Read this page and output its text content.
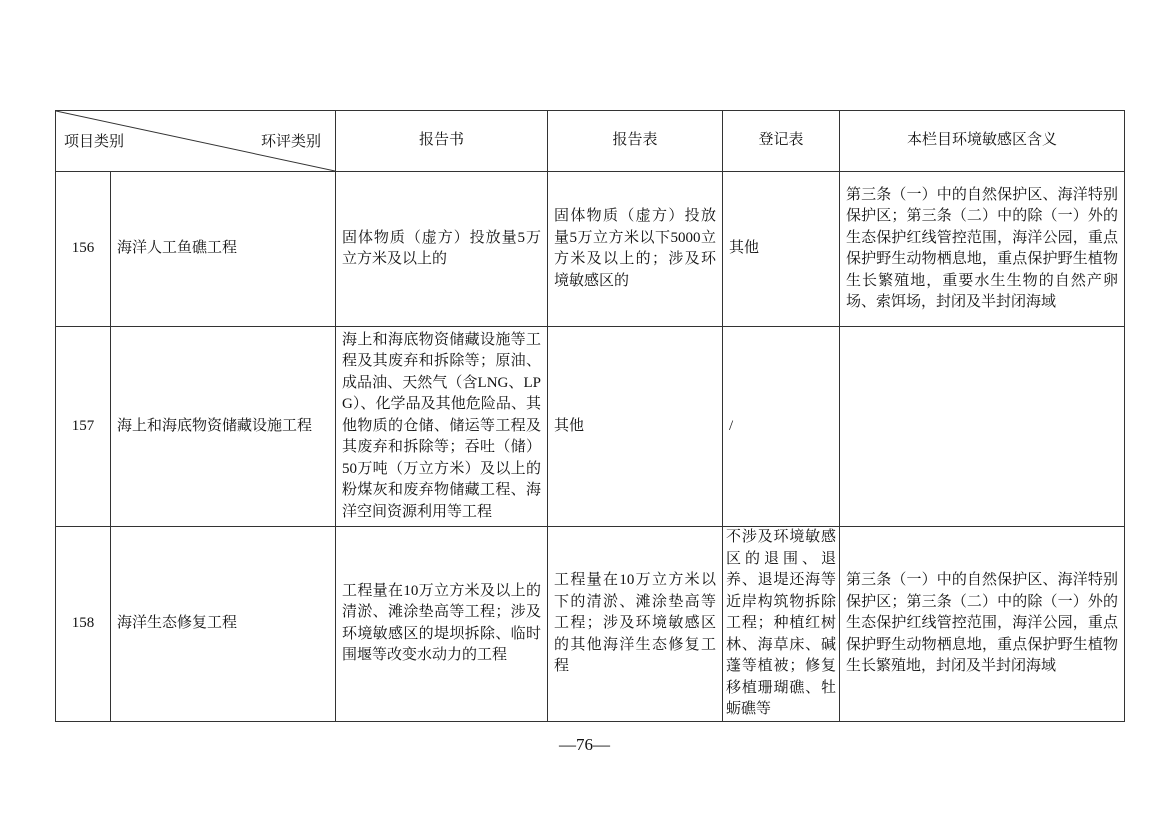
项目类别 环评类别		报告书	报告表	登记表	本栏目环境敏感区含义
156	海洋人工鱼礁工程	固体物质（虚方）投放量5万立方米及以上的	固体物质（虚方）投放量5万立方米以下5000立方米及以上的；涉及环境敏感区的	其他	第三条（一）中的自然保护区、海洋特别保护区；第三条（二）中的除（一）外的生态保护红线管控范围，海洋公园，重点保护野生动物栖息地，重点保护野生植物生长繁殖地，重要水生生物的自然产卵场、索饵场，封闭及半封闭海域
157	海上和海底物资储藏设施工程	海上和海底物资储藏设施等工程及其废弃和拆除等；原油、成品油、天然气（含LNG、LPG）、化学品及其他危险品、其他物质的仓储、储运等工程及其废弃和拆除等；吞吐（储）50万吨（万立方米）及以上的粉煤灰和废弃物储藏工程、海洋空间资源利用等工程	其他	/	
158	海洋生态修复工程	工程量在10万立方米及以上的清淤、滩涂垫高等工程；涉及环境敏感区的堤坝拆除、临时围堰等改变水动力的工程	工程量在10万立方米以下的清淤、滩涂垫高等工程；涉及环境敏感区的其他海洋生态修复工程	不涉及环境敏感区的退围、退养、退堤还海等近岸构筑物拆除工程；种植红树林、海草床、碱蓬等植被；修复移植珊瑚礁、牡蛎礁等	第三条（一）中的自然保护区、海洋特别保护区；第三条（二）中的除（一）外的生态保护红线管控范围，海洋公园，重点保护野生动物栖息地，重点保护野生植物生长繁殖地，封闭及半封闭海域
—76—
